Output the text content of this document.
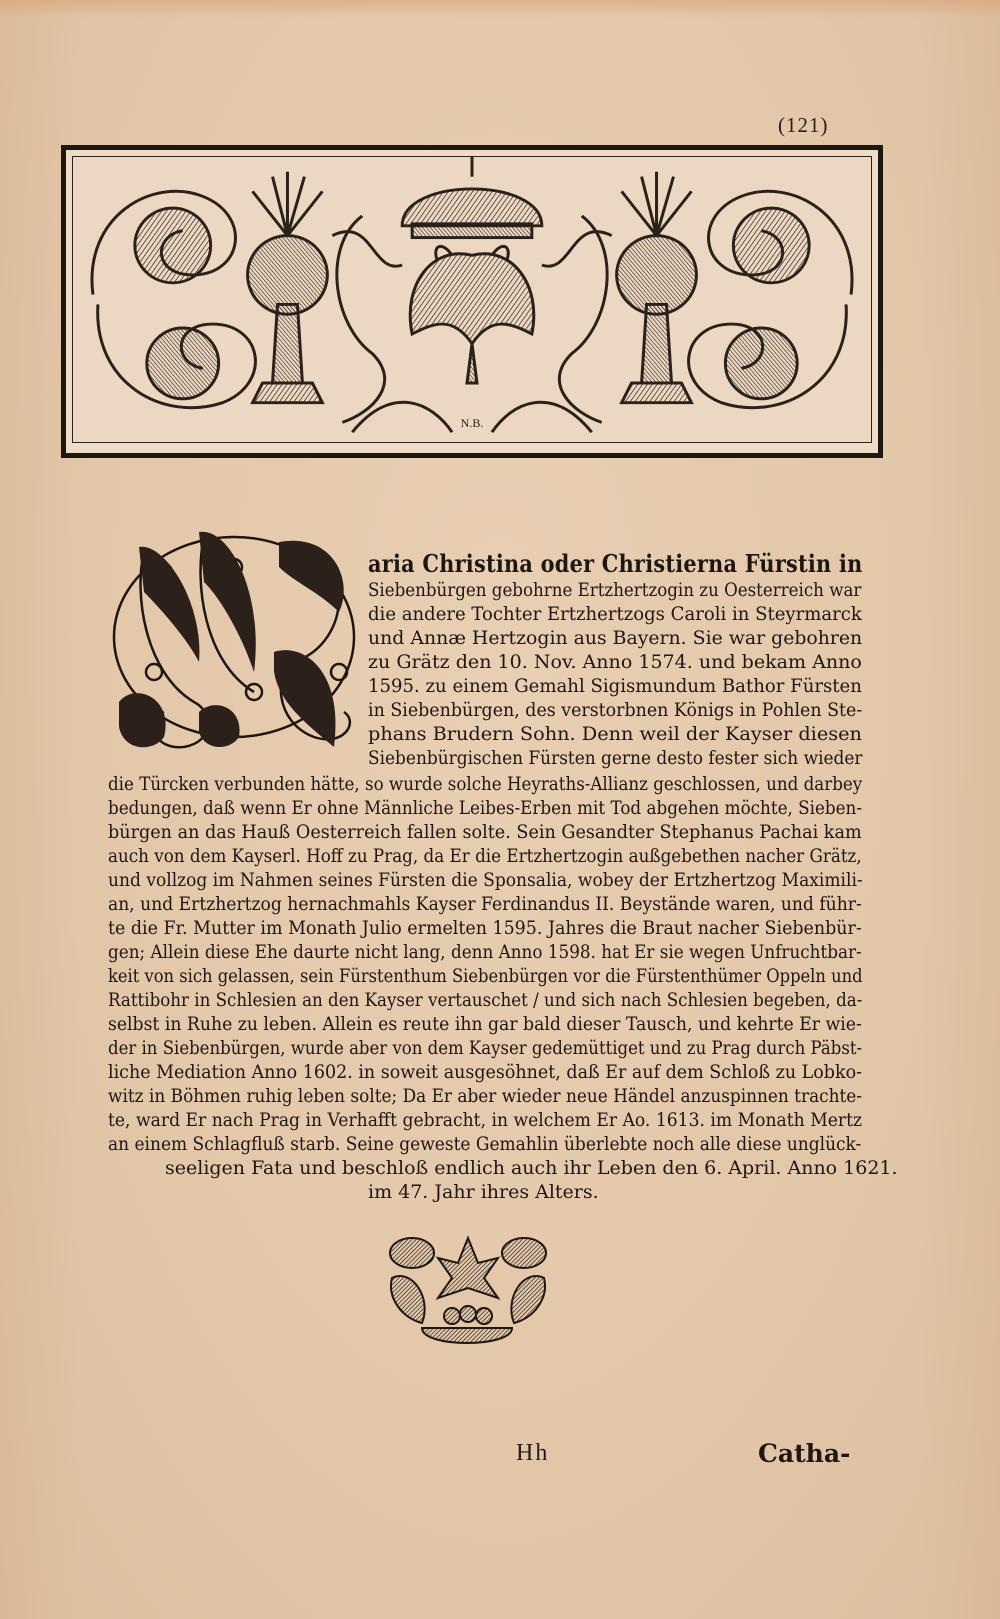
(121)
N.B.
aria Christina oder Christierna Fürstin in
Siebenbürgen gebohrne Ertzhertzogin zu Oesterreich war
die andere Tochter Ertzhertzogs Caroli in Steyrmarck
und Annæ Hertzogin aus Bayern. Sie war gebohren
zu Grätz den 10. Nov. Anno 1574. und bekam Anno
1595. zu einem Gemahl Sigismundum Bathor Fürsten
in Siebenbürgen, des verstorbnen Königs in Pohlen Ste-
phans Brudern Sohn. Denn weil der Kayser diesen
Siebenbürgischen Fürsten gerne desto fester sich wieder
die Türcken verbunden hätte, so wurde solche Heyraths-Allianz geschlossen, und darbey
bedungen, daß wenn Er ohne Männliche Leibes-Erben mit Tod abgehen möchte, Sieben-
bürgen an das Hauß Oesterreich fallen solte. Sein Gesandter Stephanus Pachai kam
auch von dem Kayserl. Hoff zu Prag, da Er die Ertzhertzogin außgebethen nacher Grätz,
und vollzog im Nahmen seines Fürsten die Sponsalia, wobey der Ertzhertzog Maximili-
an, und Ertzhertzog hernachmahls Kayser Ferdinandus II. Beystände waren, und führ-
te die Fr. Mutter im Monath Julio ermelten 1595. Jahres die Braut nacher Siebenbür-
gen; Allein diese Ehe daurte nicht lang, denn Anno 1598. hat Er sie wegen Unfruchtbar-
keit von sich gelassen, sein Fürstenthum Siebenbürgen vor die Fürstenthümer Oppeln und
Rattibohr in Schlesien an den Kayser vertauschet / und sich nach Schlesien begeben, da-
selbst in Ruhe zu leben. Allein es reute ihn gar bald dieser Tausch, und kehrte Er wie-
der in Siebenbürgen, wurde aber von dem Kayser gedemüttiget und zu Prag durch Päbst-
liche Mediation Anno 1602. in soweit ausgesöhnet, daß Er auf dem Schloß zu Lobko-
witz in Böhmen ruhig leben solte; Da Er aber wieder neue Händel anzuspinnen trachte-
te, ward Er nach Prag in Verhafft gebracht, in welchem Er Ao. 1613. im Monath Mertz
an einem Schlagfluß starb. Seine geweste Gemahlin überlebte noch alle diese unglück-
seeligen Fata und beschloß endlich auch ihr Leben den 6. April. Anno 1621.
im 47. Jahr ihres Alters.
Hh	Catha-
